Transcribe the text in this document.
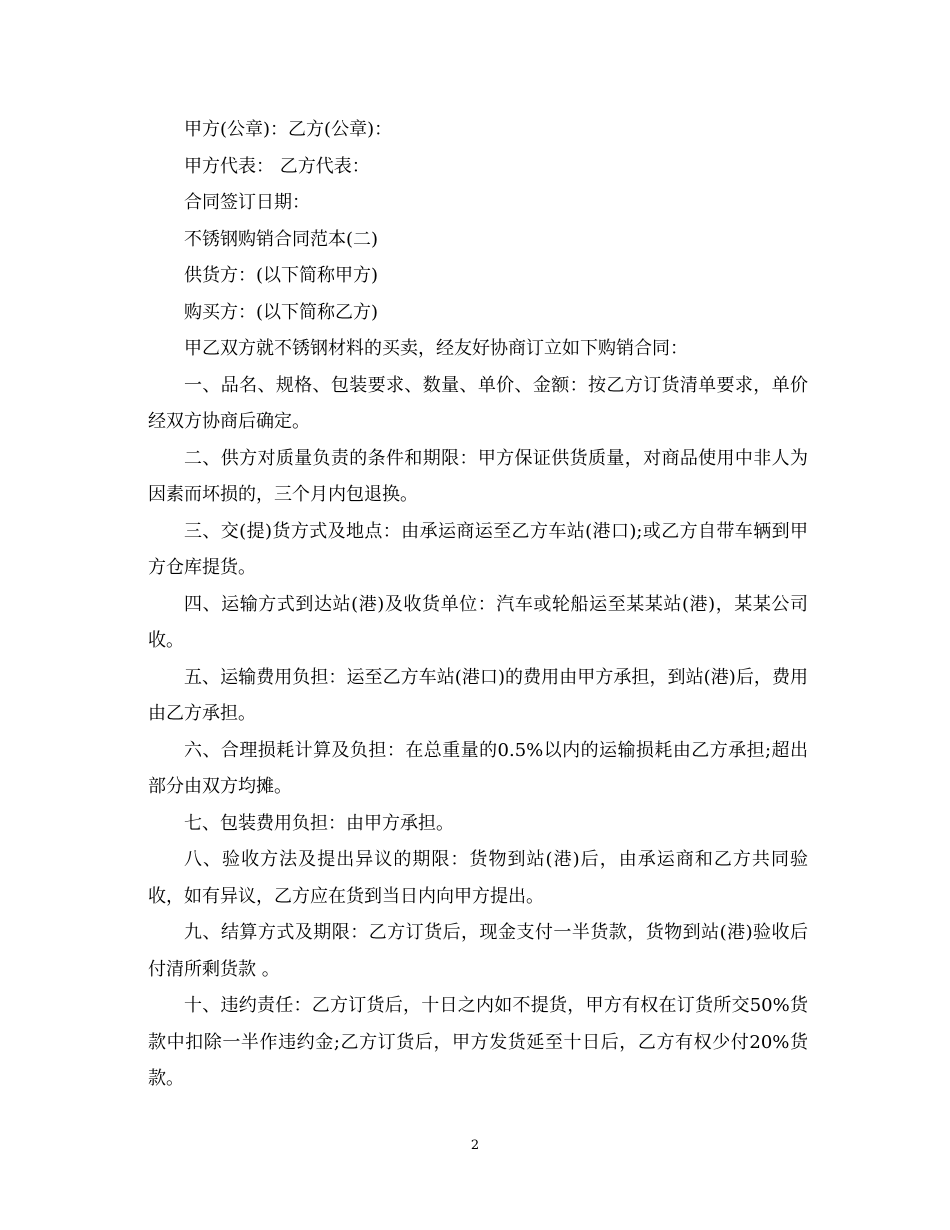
甲方(公章)：乙方(公章)：

甲方代表： 乙方代表：

合同签订日期：

不锈钢购销合同范本(二)

供货方：(以下简称甲方)

购买方：(以下简称乙方)

甲乙双方就不锈钢材料的买卖，经友好协商订立如下购销合同：

一、品名、规格、包装要求、数量、单价、金额：按乙方订货清单要求，单价经双方协商后确定。

二、供方对质量负责的条件和期限：甲方保证供货质量，对商品使用中非人为因素而坏损的，三个月内包退换。

三、交(提)货方式及地点：由承运商运至乙方车站(港口);或乙方自带车辆到甲方仓库提货。

四、运输方式到达站(港)及收货单位：汽车或轮船运至某某站(港)，某某公司收。

五、运输费用负担：运至乙方车站(港口)的费用由甲方承担，到站(港)后，费用由乙方承担。

六、合理损耗计算及负担：在总重量的0.5%以内的运输损耗由乙方承担;超出部分由双方均摊。

七、包装费用负担：由甲方承担。

八、验收方法及提出异议的期限：货物到站(港)后，由承运商和乙方共同验收，如有异议，乙方应在货到当日内向甲方提出。

九、结算方式及期限：乙方订货后，现金支付一半货款，货物到站(港)验收后付清所剩货款 。

十、违约责任：乙方订货后，十日之内如不提货，甲方有权在订货所交50%货款中扣除一半作违约金;乙方订货后，甲方发货延至十日后，乙方有权少付20%货款。

2
